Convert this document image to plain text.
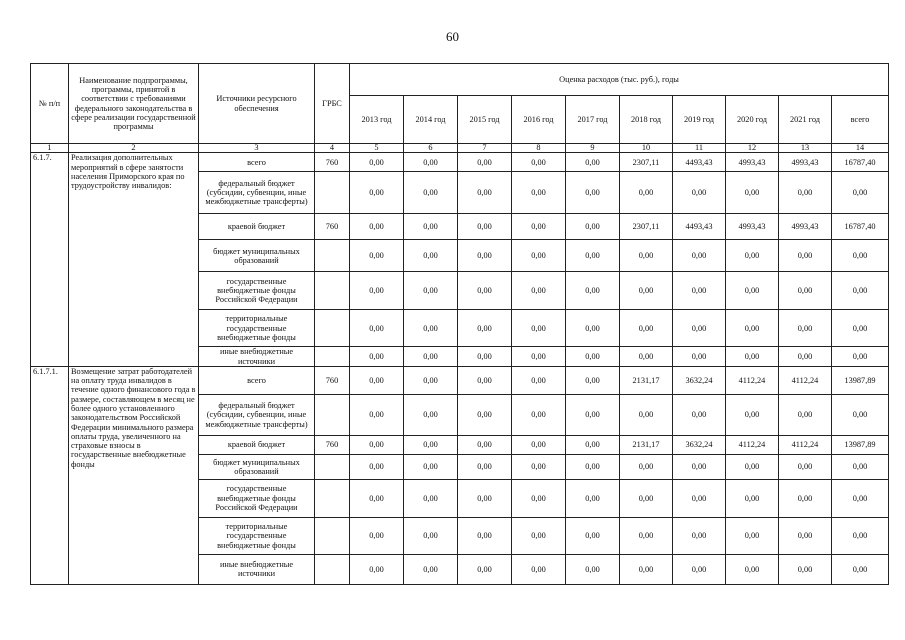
60
№ п/п	Наименование подпрограммы, программы, принятой в соответствии с требованиями федерального законодательства в сфере реализации государственной программы	Источники ресурсного обеспечения	ГРБС	Оценка расходов (тыс. руб.), годы									
				2013 год	2014 год	2015 год	2016 год	2017 год	2018 год	2019 год	2020 год	2021 год	всего
1	2	3	4	5	6	7	8	9	10	11	12	13	14
6.1.7.	Реализация дополнительных мероприятий в сфере занятости населения Приморского края по трудоустройству инвалидов:	всего	760	0,00	0,00	0,00	0,00	0,00	2307,11	4493,43	4993,43	4993,43	16787,40
		федеральный бюджет (субсидии, субвенции, иные межбюджетные трансферты)		0,00	0,00	0,00	0,00	0,00	0,00	0,00	0,00	0,00	0,00
		краевой бюджет	760	0,00	0,00	0,00	0,00	0,00	2307,11	4493,43	4993,43	4993,43	16787,40
		бюджет муниципальных образований		0,00	0,00	0,00	0,00	0,00	0,00	0,00	0,00	0,00	0,00
		государственные внебюджетные фонды Российской Федерации		0,00	0,00	0,00	0,00	0,00	0,00	0,00	0,00	0,00	0,00
		территориальные государственные внебюджетные фонды		0,00	0,00	0,00	0,00	0,00	0,00	0,00	0,00	0,00	0,00
		иные внебюджетные источники		0,00	0,00	0,00	0,00	0,00	0,00	0,00	0,00	0,00	0,00
6.1.7.1.	Возмещение затрат работодателей на оплату труда инвалидов в течение одного финансового года в размере, составляющем в месяц не более одного установленного законодательством Российской Федерации минимального размера оплаты труда, увеличенного на страховые взносы в государственные внебюджетные фонды	всего	760	0,00	0,00	0,00	0,00	0,00	2131,17	3632,24	4112,24	4112,24	13987,89
		федеральный бюджет (субсидии, субвенции, иные межбюджетные трансферты)		0,00	0,00	0,00	0,00	0,00	0,00	0,00	0,00	0,00	0,00
		краевой бюджет	760	0,00	0,00	0,00	0,00	0,00	2131,17	3632,24	4112,24	4112,24	13987,89
		бюджет муниципальных образований		0,00	0,00	0,00	0,00	0,00	0,00	0,00	0,00	0,00	0,00
		государственные внебюджетные фонды Российской Федерации		0,00	0,00	0,00	0,00	0,00	0,00	0,00	0,00	0,00	0,00
		территориальные государственные внебюджетные фонды		0,00	0,00	0,00	0,00	0,00	0,00	0,00	0,00	0,00	0,00
		иные внебюджетные источники		0,00	0,00	0,00	0,00	0,00	0,00	0,00	0,00	0,00	0,00
